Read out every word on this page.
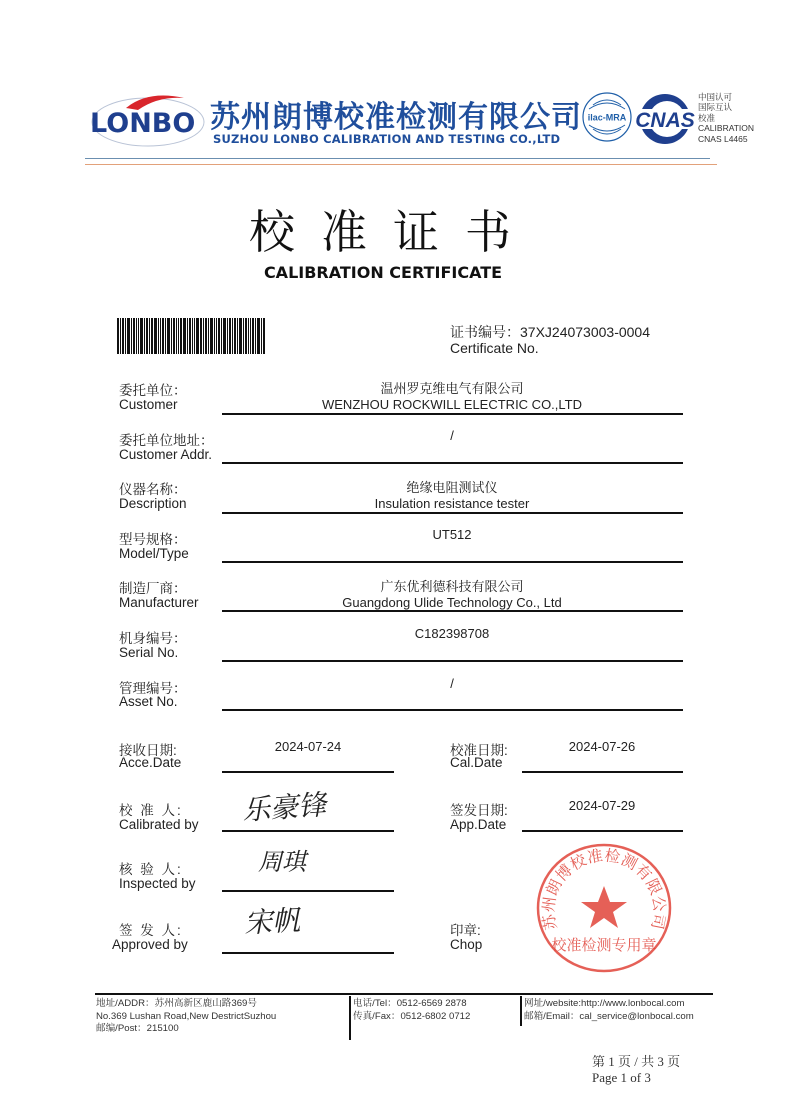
LONBO 苏州朗博校准检测有限公司
SUZHOU LONBO CALIBRATION AND TESTING CO.,LTD
ilac-MRA CNAS
中国认可
国际互认
校准
CALIBRATION
CNAS L4465
校准证书
CALIBRATION CERTIFICATE
证书编号：37XJ24073003-0004
Certificate No.
委托单位：
Customer
温州罗克维电气有限公司
WENZHOU ROCKWILL ELECTRIC CO.,LTD
委托单位地址：
Customer Addr.
/
仪器名称：
Description
绝缘电阻测试仪
Insulation resistance tester
型号规格：
Model/Type
UT512
制造厂商：
Manufacturer
广东优利德科技有限公司
Guangdong Ulide Technology Co., Ltd
机身编号：
Serial No.
C182398708
管理编号：
Asset No.
/
接收日期:
Acce.Date
2024-07-24	校准日期:
Cal.Date
2024-07-26
校 准 人:
Calibrated by 乐豪锋	签发日期:
App.Date
2024-07-29
核 验 人:
Inspected by
周琪
签 发 人:
Approved by
宋帆	印章:
Chop
苏州朗博校准检测有限公司
校准检测专用章
地址/ADDR：苏州高新区鹿山路369号
No.369 Lushan Road,New DestrictSuzhou
邮编/Post：215100
电话/Tel：0512-6569 2878
传真/Fax：0512-6802 0712
网址/website:http://www.lonbocal.com
邮箱/Email：cal_service@lonbocal.com
第 1 页 / 共 3 页
Page 1 of 3
